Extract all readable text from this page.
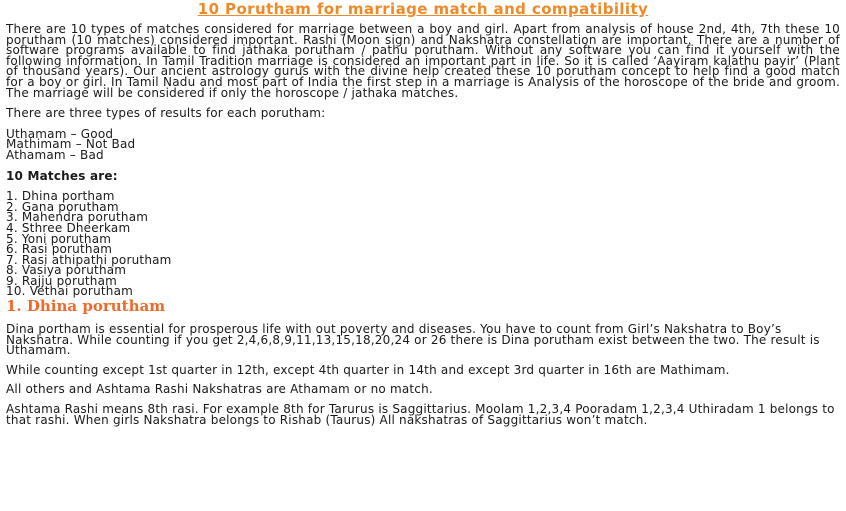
10 Porutham for marriage match and compatibility

There are 10 types of matches considered for marriage between a boy and girl. Apart from analysis of house 2nd, 4th, 7th these 10 porutham (10 matches) considered important. Rashi (Moon sign) and Nakshatra constellation are important. There are a number of software programs available to find jathaka porutham / pathu porutham. Without any software you can find it yourself with the following information. In Tamil Tradition marriage is considered an important part in life. So it is called ‘Aayiram kalathu payir’ (Plant of thousand years). Our ancient astrology gurus with the divine help created these 10 porutham concept to help find a good match for a boy or girl. In Tamil Nadu and most part of India the first step in a marriage is Analysis of the horoscope of the bride and groom. The marriage will be considered if only the horoscope / jathaka matches.

There are three types of results for each porutham:

Uthamam – Good
Mathimam – Not Bad
Athamam – Bad

10 Matches are:

1. Dhina portham
2. Gana porutham
3. Mahendra porutham
4. Sthree Dheerkam
5. Yoni porutham
6. Rasi porutham
7. Rasi athipathi porutham
8. Vasiya porutham
9. Rajju porutham
10. Vethai porutham
1. Dhina porutham

Dina portham is essential for prosperous life with out poverty and diseases. You have to count from Girl’s Nakshatra to Boy’s Nakshatra. While counting if you get 2,4,6,8,9,11,13,15,18,20,24 or 26 there is Dina porutham exist between the two. The result is Uthamam.

While counting except 1st quarter in 12th, except 4th quarter in 14th and except 3rd quarter in 16th are Mathimam.

All others and Ashtama Rashi Nakshatras are Athamam or no match.

Ashtama Rashi means 8th rasi. For example 8th for Tarurus is Saggittarius. Moolam 1,2,3,4 Pooradam 1,2,3,4 Uthiradam 1 belongs to that rashi. When girls Nakshatra belongs to Rishab (Taurus) All nakshatras of Saggittarius won’t match.
